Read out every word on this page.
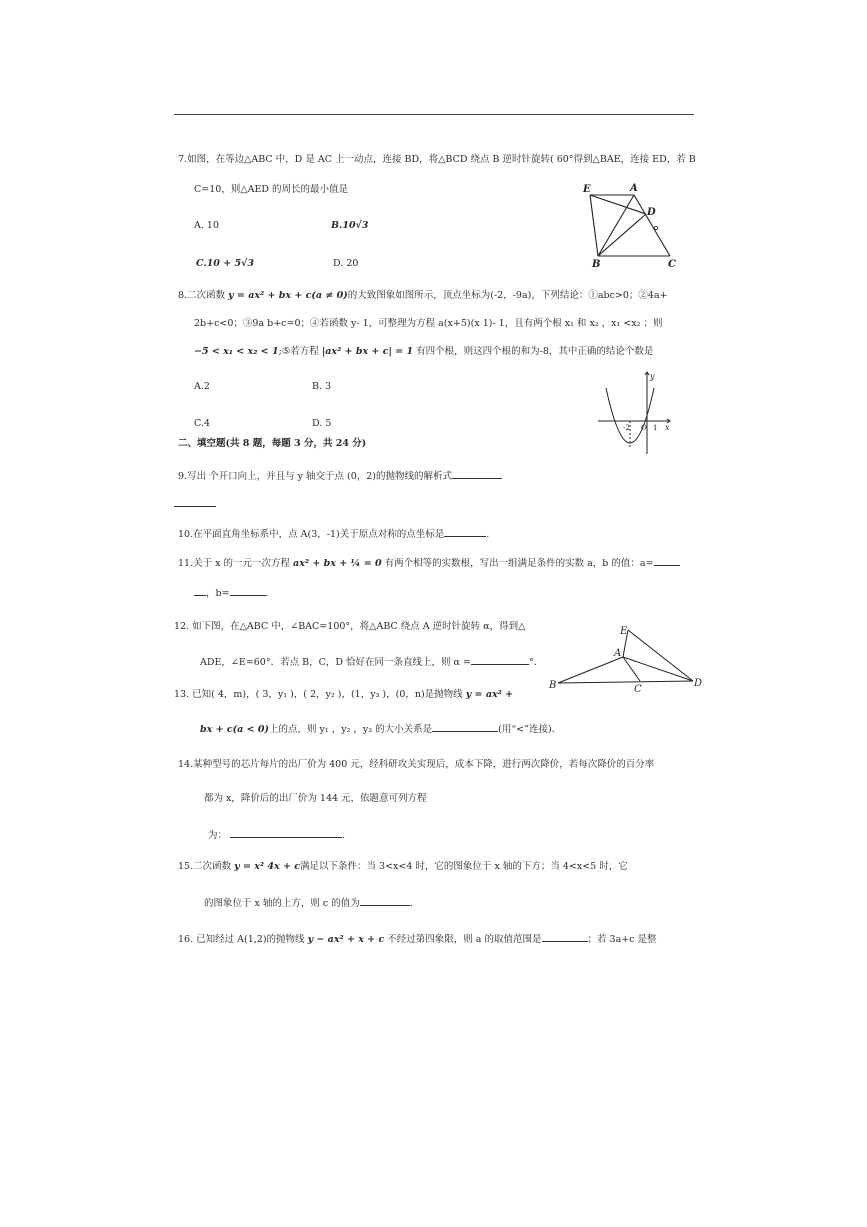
7.如图，在等边△ABC 中，D 是 AC 上一动点，连接 BD，将△BCD 绕点 B 逆时针旋转( 60°得到△BAE，连接 ED，若 B
C=10，则△AED 的周长的最小值是
A. 10	B.10√3
C.10 + 5√3	D. 20
E	A
D
B	C
8.二次函数 y = ax² + bx + c(a ≠ 0)的大致图象如图所示，顶点坐标为(-2，-9a)，下列结论：①abc>0；②4a+
2b+c<0；③9a b+c=0；④若函数 y- 1，可整理为方程 a(x+5)(x 1)- 1，且有两个根 x₁ 和 x₂ ，x₁ <x₂ ；则
−5 < x₁ < x₂ < 1;⑤若方程 |ax² + bx + c| = 1 有四个根，则这四个根的和为-8，其中正确的结论个数是
A.2	B. 3
C.4	D. 5
y
x
-2 O 1
二、填空题(共 8 题，每题 3 分，共 24 分)
9.写出 个开口向上，并且与 y 轴交于点 (0，2)的抛物线的解析式
10.在平面直角坐标系中，点 A(3，-1)关于原点对称的点坐标是	.
11.关于 x 的一元一次方程 ax² + bx + ¼ = 0 有两个相等的实数根，写出一组满足条件的实数 a，b 的值：a=
，b=	.
12. 如下图，在△ABC 中，∠BAC=100°，将△ABC 绕点 A 逆时针旋转 α，得到△
ADE，∠E=60°．若点 B，C，D 恰好在同一条直线上，则 α =	°．
E
A
B	C
D
13. 已知( 4，m)，( 3，y₁ )，( 2，y₂ )，(1，y₃ )，(0，n)是抛物线 y = ax² +
bx + c(a < 0)上的点，则 y₁ ，y₂ ，y₃ 的大小关系是	(用“<”连接)．
14.某种型号的芯片每片的出厂价为 400 元，经科研攻关实现后，成本下降，进行两次降价，若每次降价的百分率
都为 x，降价后的出厂价为 144 元，依题意可列方程
为：	.
15.二次函数 y = x² 4x + c满足以下条件：当 3<x<4 时，它的图象位于 x 轴的下方；当 4<x<5 时，它
的图象位于 x 轴的上方，则 c 的值为	.
16. 已知经过 A(1,2)的抛物线 y − ax² + x + c 不经过第四象限，则 a 的取值范围是	；若 3a+c 是整
